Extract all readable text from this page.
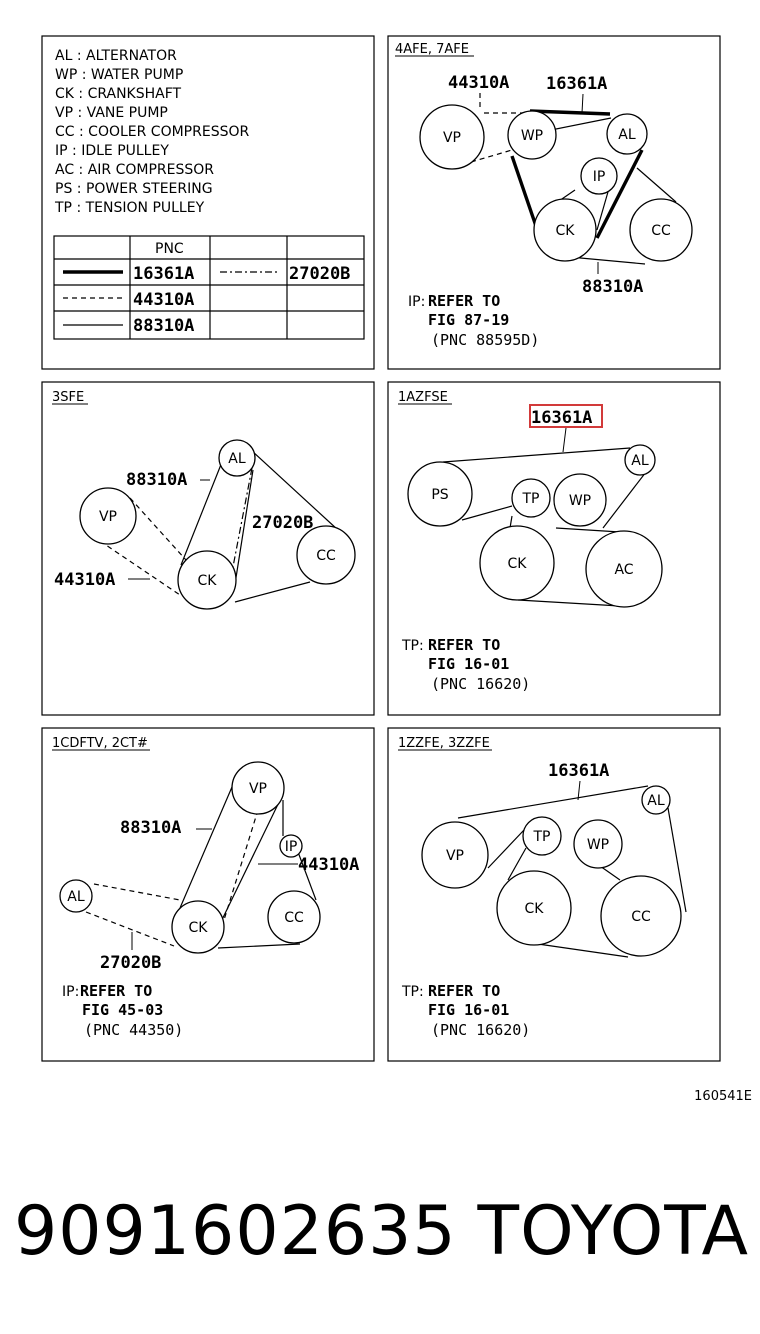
AL : ALTERNATOR
WP : WATER PUMP
CK : CRANKSHAFT
VP : VANE PUMP
CC : COOLER COMPRESSOR
IP : IDLE PULLEY
AC : AIR COMPRESSOR
PS : POWER STEERING
TP : TENSION PULLEY
PNC
16361A	27020B
44310A
88310A
4AFE, 7AFE
VP	WP	AL
IP
CK	CC
44310A 16361A
88310A
IP: REFER TO
FIG 87-19
(PNC 88595D)
3SFE
AL
VP
CK
CC
88310A
27020B
44310A
1AZFSE
AL
PS	TP WP
CK	AC
16361A
TP: REFER TO
FIG 16-01
(PNC 16620)
1CDFTV, 2CT#
VP
IP
AL
CK
CC
88310A
44310A
27020B
IP: REFER TO
FIG 45-03
(PNC 44350)
1ZZFE, 3ZZFE
AL
VP
TP	WP
CK	CC
16361A
TP: REFER TO
FIG 16-01
(PNC 16620)
160541E
9091602635 TOYOTA
